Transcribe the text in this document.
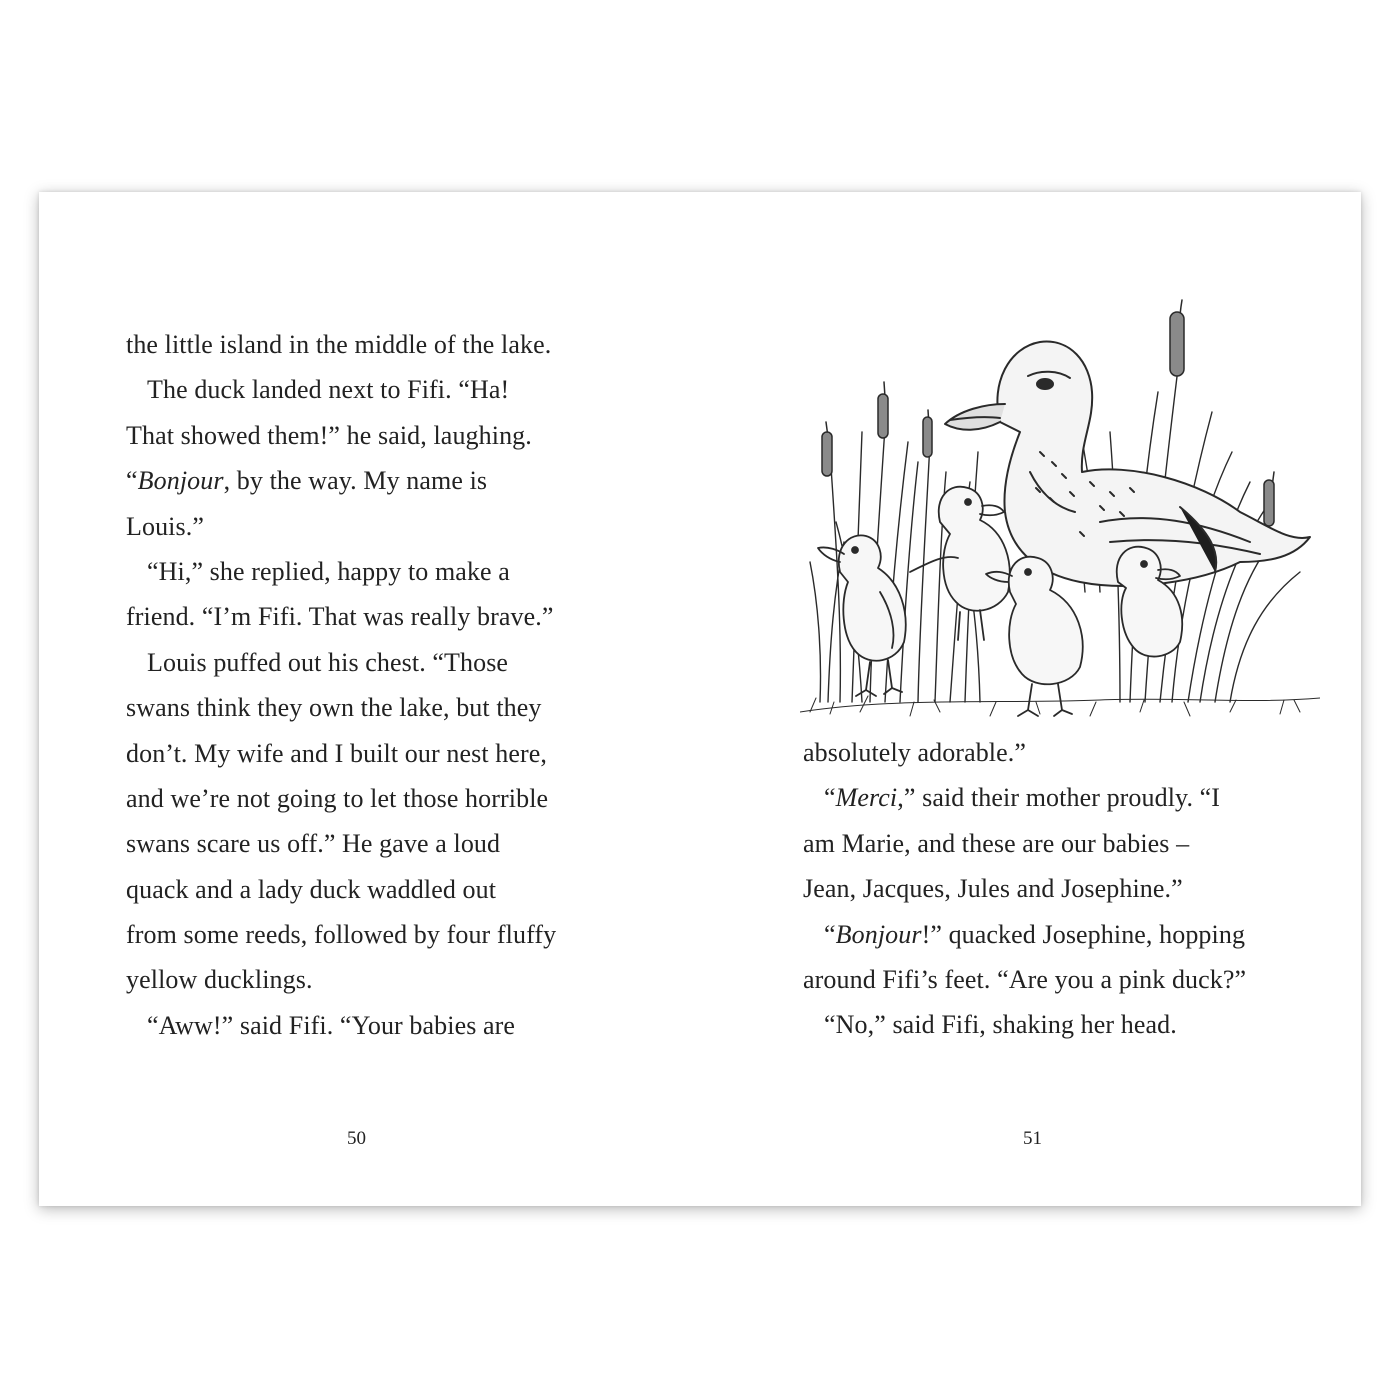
the little island in the middle of the lake.
The duck landed next to Fifi. “Ha!
That showed them!” he said, laughing.
“Bonjour, by the way. My name is
Louis.”
“Hi,” she replied, happy to make a
friend. “I’m Fifi. That was really brave.”
Louis puffed out his chest. “Those
swans think they own the lake, but they
don’t. My wife and I built our nest here,
and we’re not going to let those horrible
swans scare us off.” He gave a loud
quack and a lady duck waddled out
from some reeds, followed by four fluffy
yellow ducklings.
“Aww!” said Fifi. “Your babies are
50
absolutely adorable.”
“Merci,” said their mother proudly. “I
am Marie, and these are our babies –
Jean, Jacques, Jules and Josephine.”
“Bonjour!” quacked Josephine, hopping
around Fifi’s feet. “Are you a pink duck?”
“No,” said Fifi, shaking her head.
51
